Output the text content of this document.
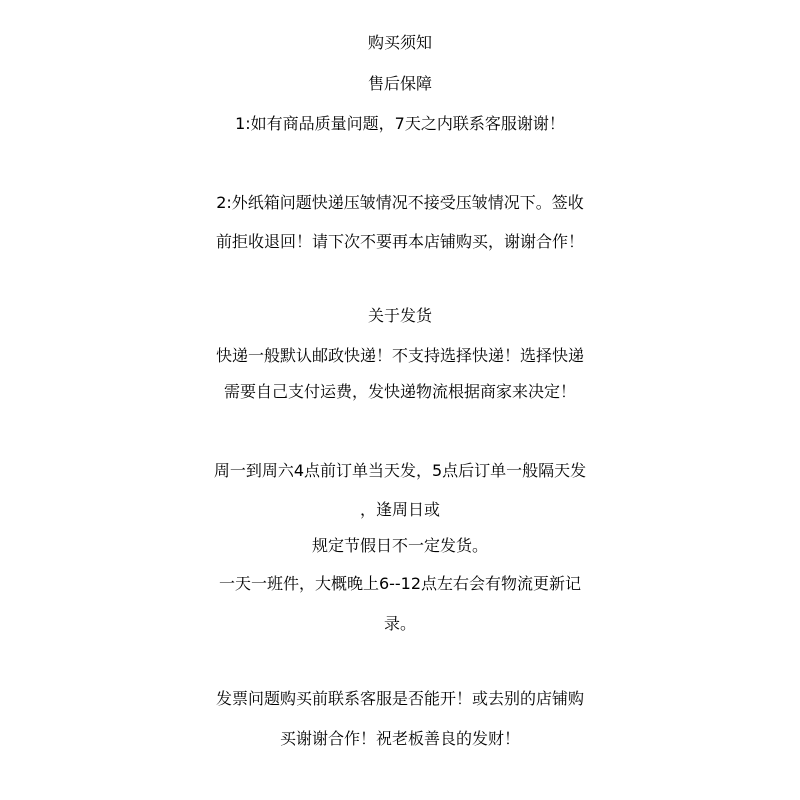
购买须知
售后保障
1:如有商品质量问题，7天之内联系客服谢谢！
2:外纸箱问题快递压皱情况不接受压皱情况下。签收
前拒收退回！请下次不要再本店铺购买，谢谢合作！
关于发货
快递一般默认邮政快递！不支持选择快递！选择快递
需要自己支付运费，发快递物流根据商家来决定！
周一到周六4点前订单当天发，5点后订单一般隔天发
，逢周日或
规定节假日不一定发货。
一天一班件，大概晚上6--12点左右会有物流更新记
录。
发票问题购买前联系客服是否能开！或去别的店铺购
买谢谢合作！祝老板善良的发财！
